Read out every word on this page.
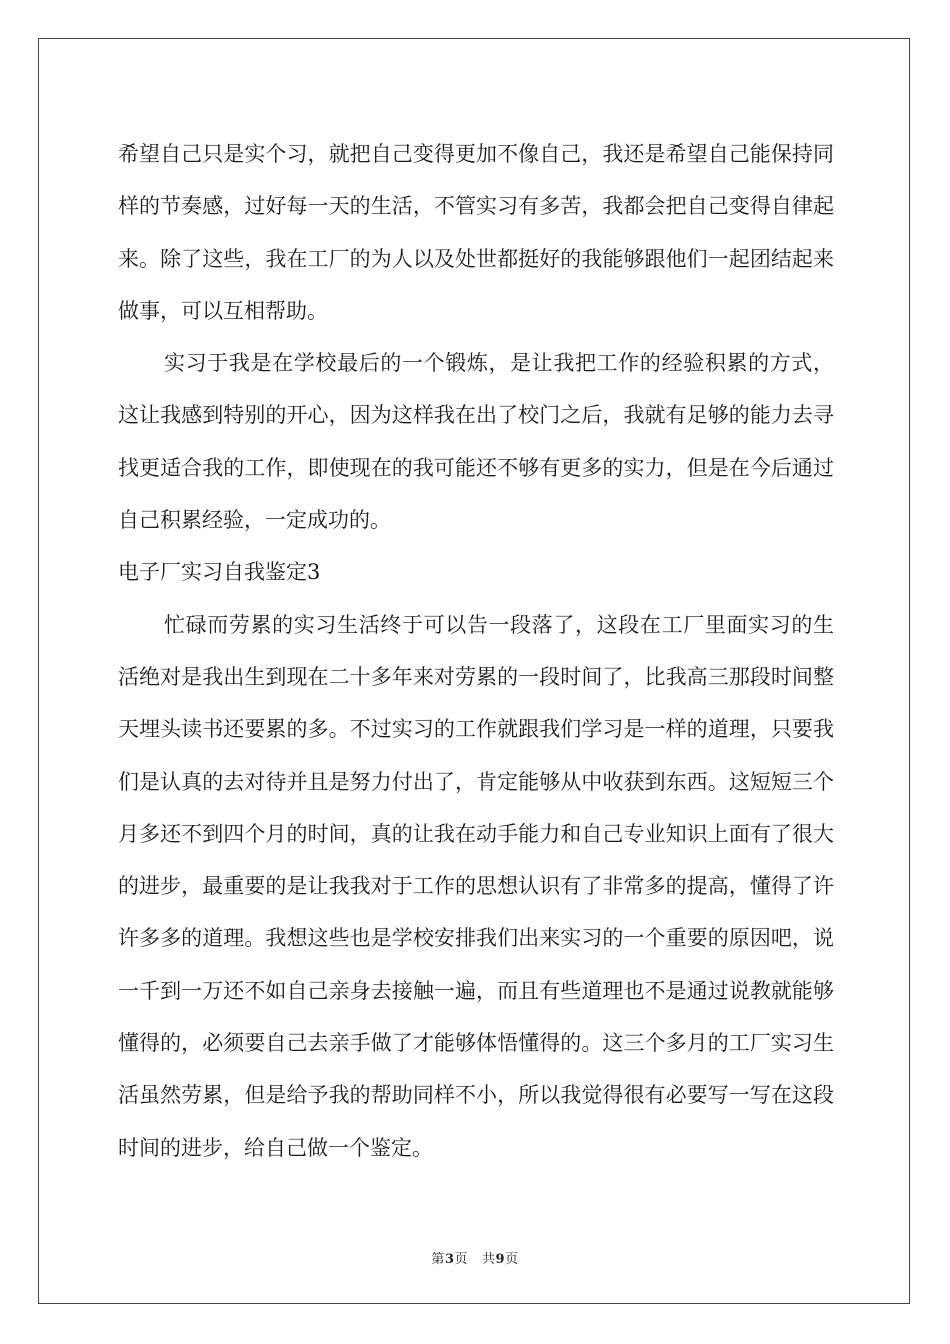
希望自己只是实个习，就把自己变得更加不像自己，我还是希望自己能保持同样的节奏感，过好每一天的生活，不管实习有多苦，我都会把自己变得自律起来。除了这些，我在工厂的为人以及处世都挺好的我能够跟他们一起团结起来做事，可以互相帮助。

实习于我是在学校最后的一个锻炼，是让我把工作的经验积累的方式，这让我感到特别的开心，因为这样我在出了校门之后，我就有足够的能力去寻找更适合我的工作，即使现在的我可能还不够有更多的实力，但是在今后通过自己积累经验，一定成功的。

电子厂实习自我鉴定3

忙碌而劳累的实习生活终于可以告一段落了，这段在工厂里面实习的生活绝对是我出生到现在二十多年来对劳累的一段时间了，比我高三那段时间整天埋头读书还要累的多。不过实习的工作就跟我们学习是一样的道理，只要我们是认真的去对待并且是努力付出了，肯定能够从中收获到东西。这短短三个月多还不到四个月的时间，真的让我在动手能力和自己专业知识上面有了很大的进步，最重要的是让我我对于工作的思想认识有了非常多的提高，懂得了许许多多的道理。我想这些也是学校安排我们出来实习的一个重要的原因吧，说一千到一万还不如自己亲身去接触一遍，而且有些道理也不是通过说教就能够懂得的，必须要自己去亲手做了才能够体悟懂得的。这三个多月的工厂实习生活虽然劳累，但是给予我的帮助同样不小，所以我觉得很有必要写一写在这段时间的进步，给自己做一个鉴定。

第3页 共9页
